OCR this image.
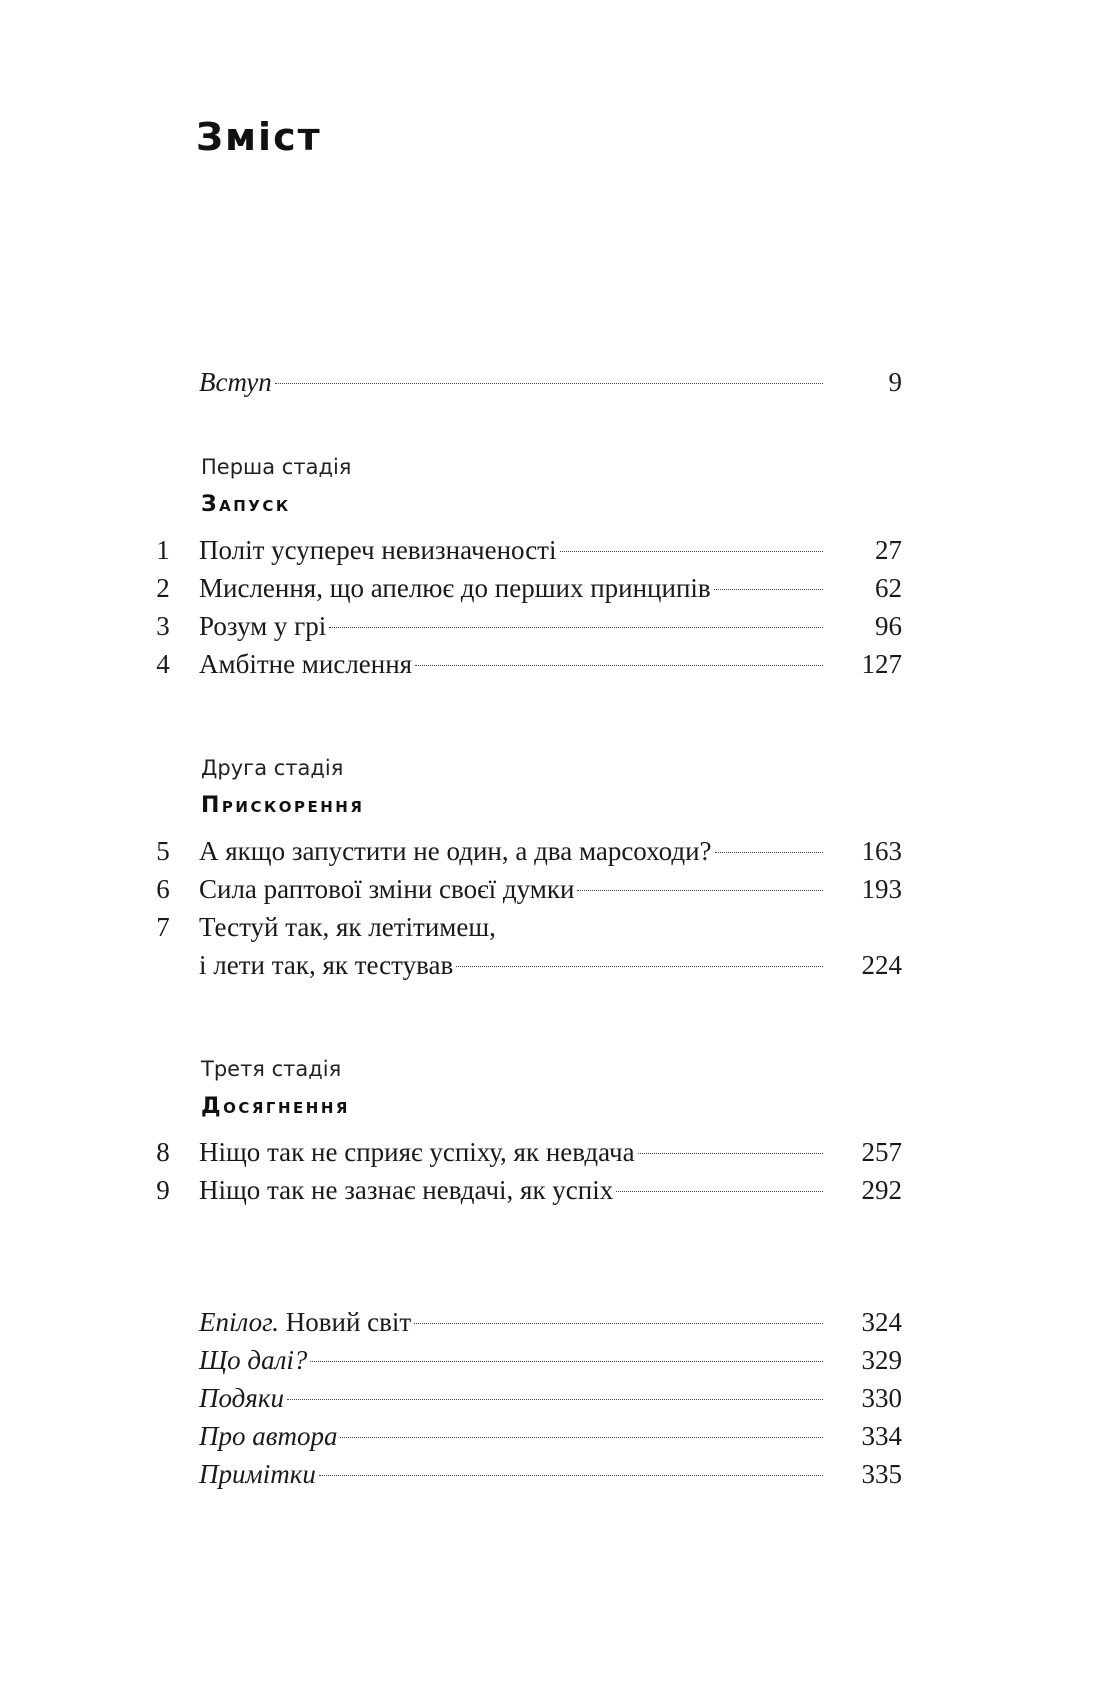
Зміст
Вступ	9

Перша стадія

Запуск

1 Політ усупереч невизначеності	27
2 Мислення, що апелює до перших принципів	62
3 Розум у грі	96
4 Амбітне мислення	127

Друга стадія

Прискорення

5 А якщо запустити не один, а два марсоходи?	163
6 Сила раптової зміни своєї думки	193
7 Тестуй так, як летітимеш,
і лети так, як тестував	224

Третя стадія

Досягнення

8 Ніщо так не сприяє успіху, як невдача	257
9 Ніщо так не зазнає невдачі, як успіх	292
Епілог. Новий світ	324
Що далі?	329
Подяки	330
Про автора	334
Примітки	335
